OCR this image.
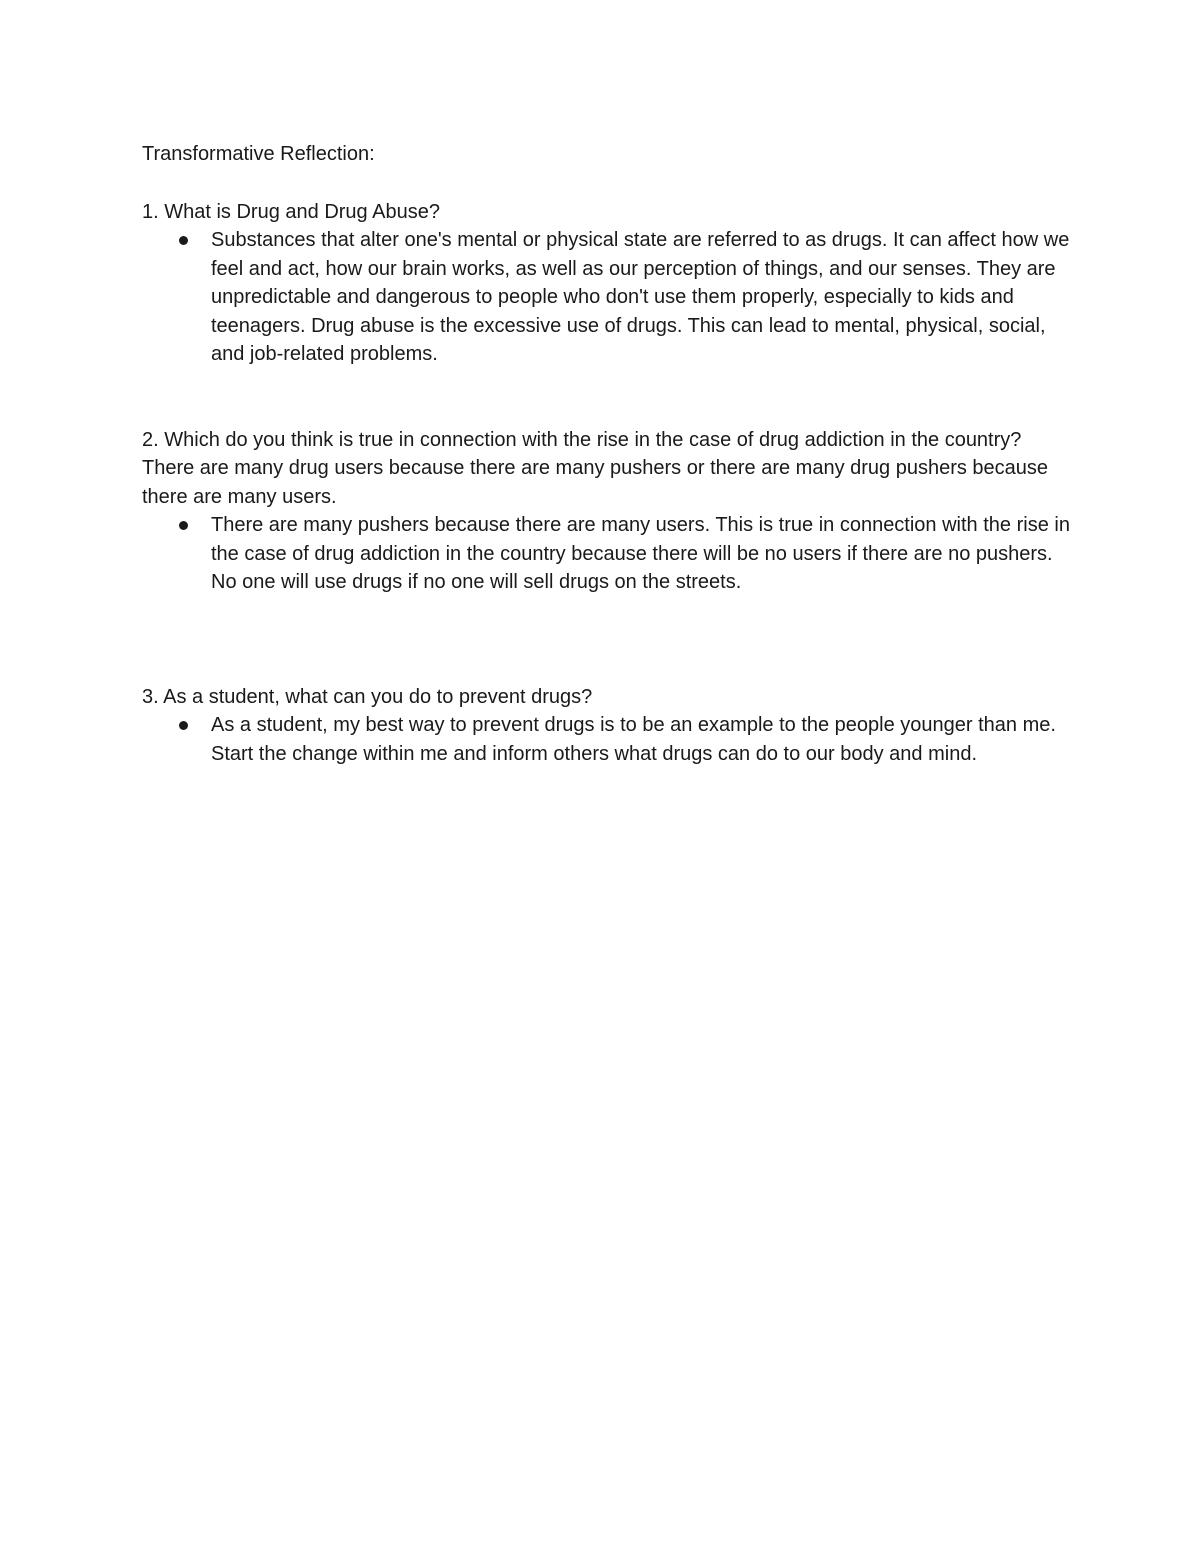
Transformative Reflection:

1. What is Drug and Drug Abuse?

Substances that alter one's mental or physical state are referred to as drugs. It can affect how we feel and act, how our brain works, as well as our perception of things, and our senses. They are unpredictable and dangerous to people who don't use them properly, especially to kids and teenagers. Drug abuse is the excessive use of drugs. This can lead to mental, physical, social, and job-related problems.

2. Which do you think is true in connection with the rise in the case of drug addiction in the country? There are many drug users because there are many pushers or there are many drug pushers because there are many users.

There are many pushers because there are many users. This is true in connection with the rise in the case of drug addiction in the country because there will be no users if there are no pushers. No one will use drugs if no one will sell drugs on the streets.

3. As a student, what can you do to prevent drugs?

As a student, my best way to prevent drugs is to be an example to the people younger than me. Start the change within me and inform others what drugs can do to our body and mind.
